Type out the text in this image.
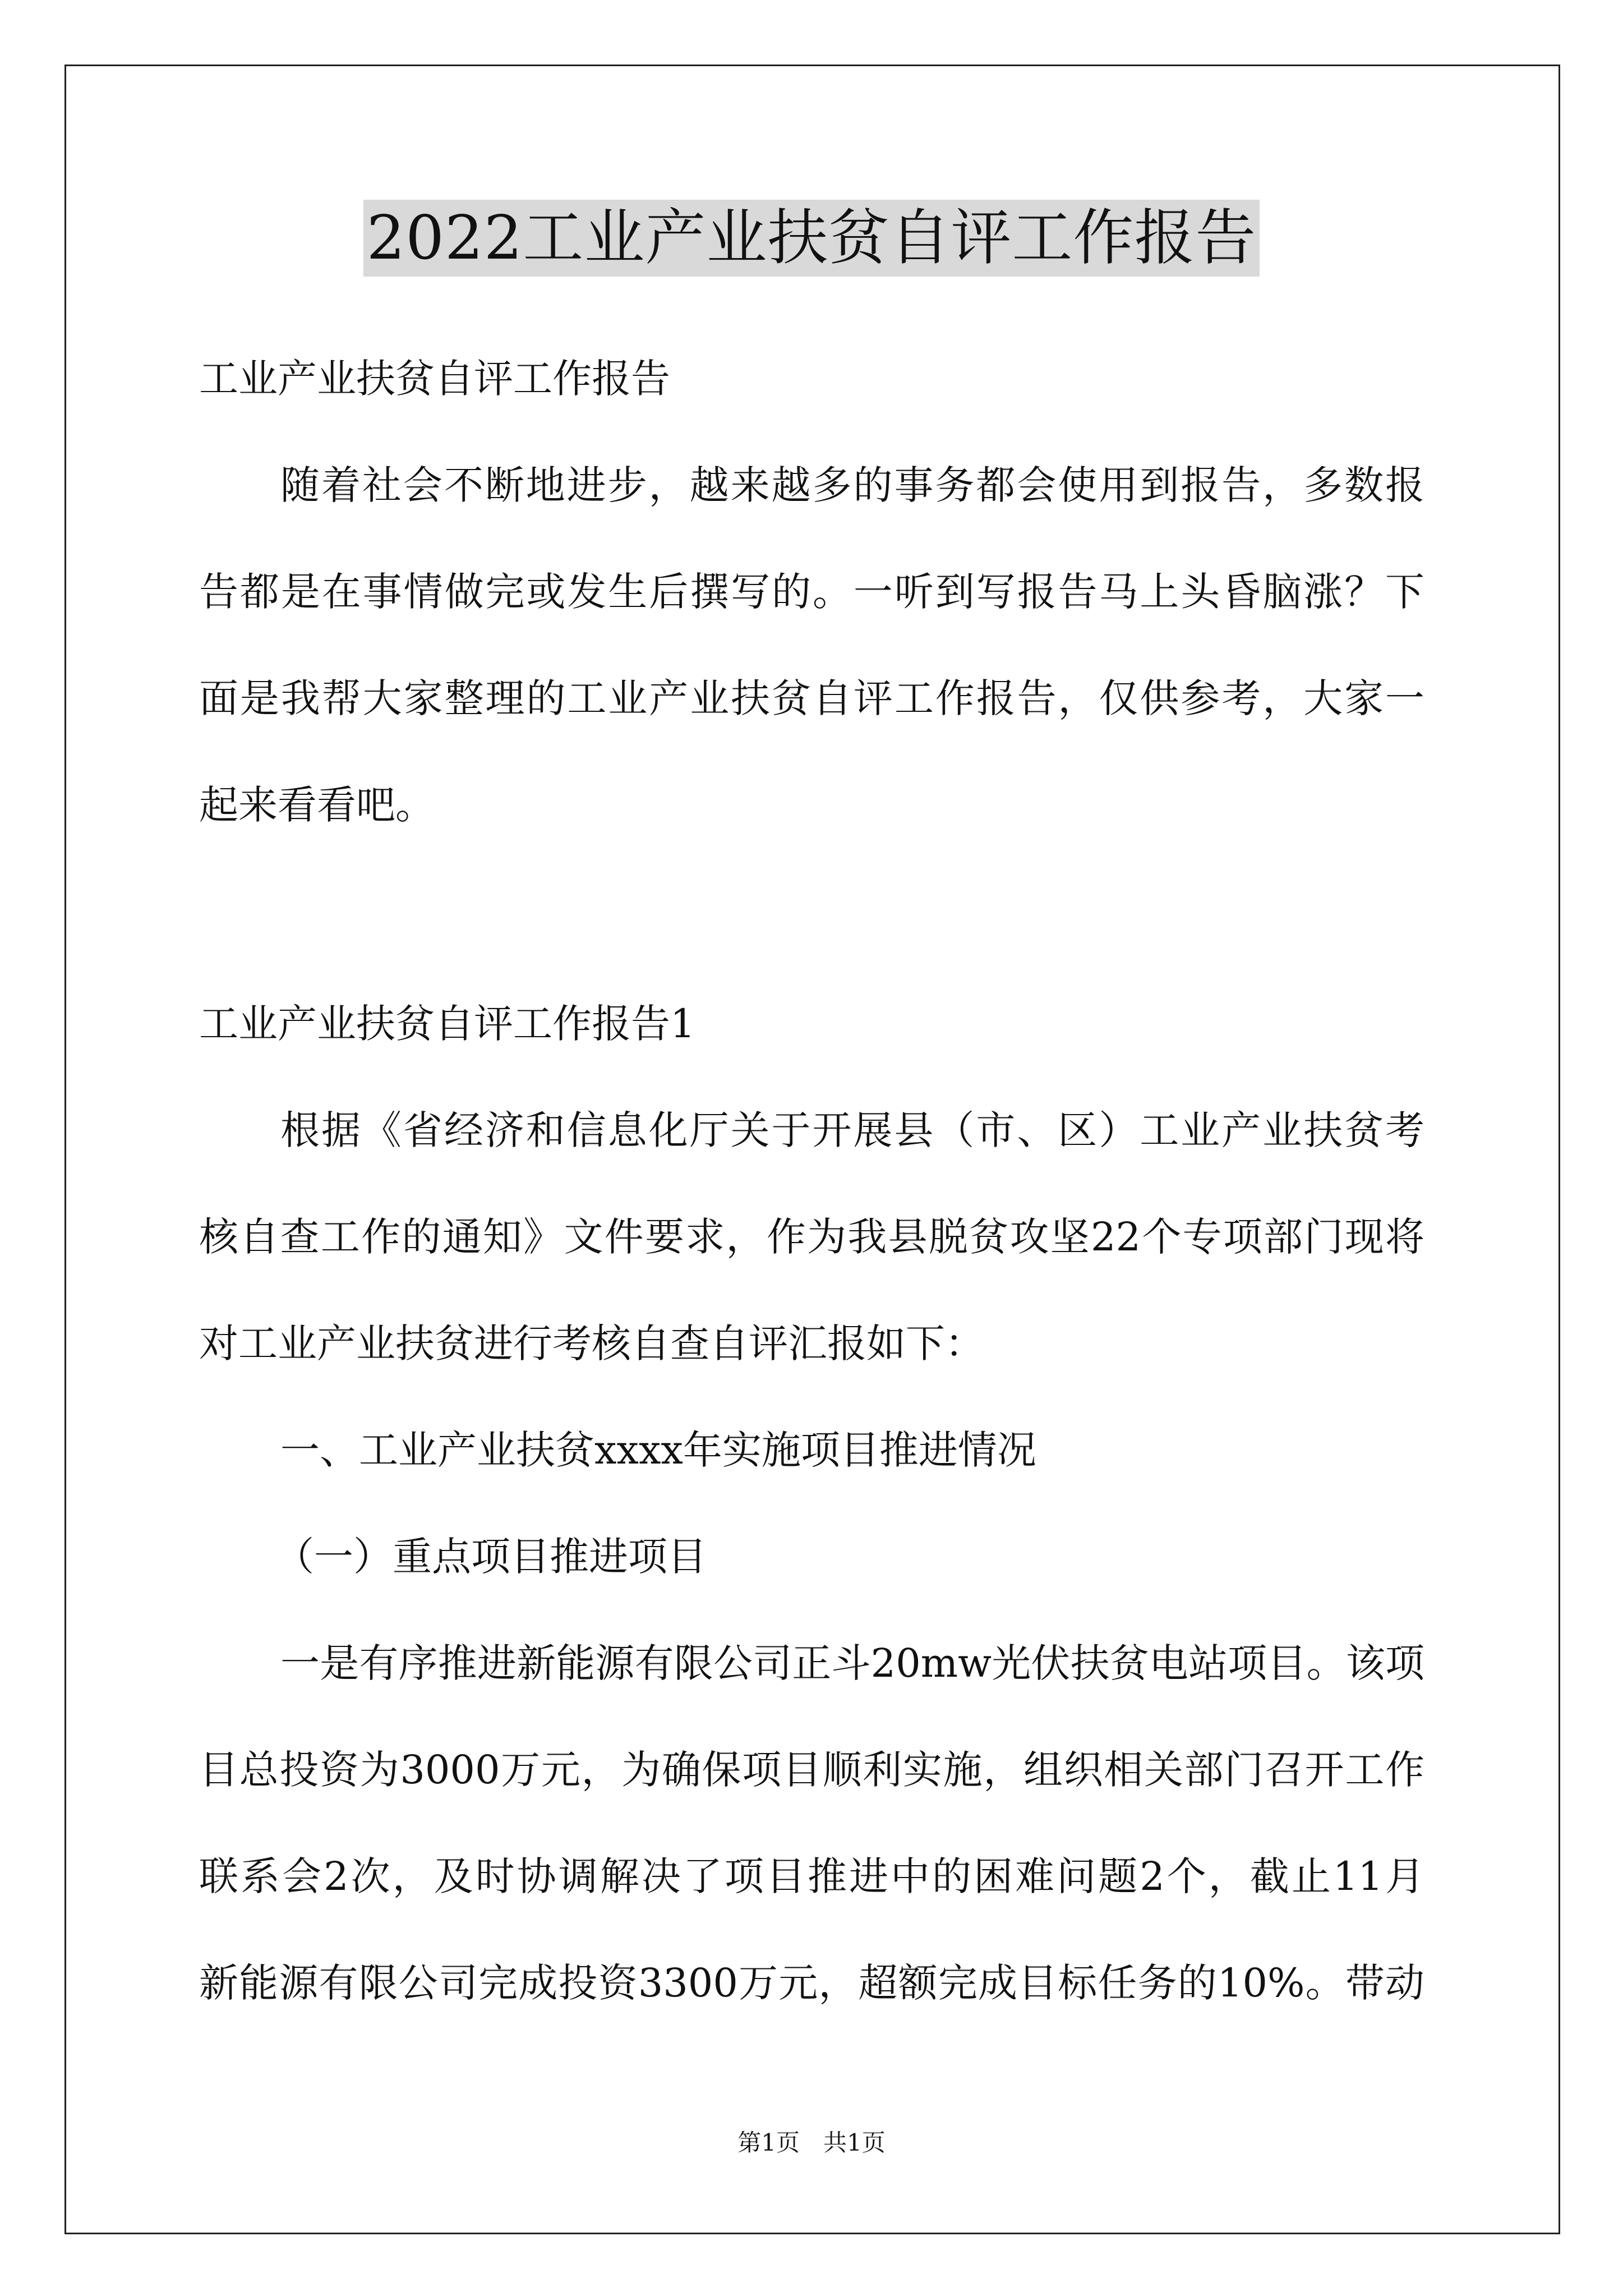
2022工业产业扶贫自评工作报告
工业产业扶贫自评工作报告
随着社会不断地进步，越来越多的事务都会使用到报告，多数报
告都是在事情做完或发生后撰写的。一听到写报告马上头昏脑涨？下
面是我帮大家整理的工业产业扶贫自评工作报告，仅供参考，大家一
起来看看吧。
工业产业扶贫自评工作报告1
根据《省经济和信息化厅关于开展县（市、区）工业产业扶贫考
核自查工作的通知》文件要求，作为我县脱贫攻坚22个专项部门现将
对工业产业扶贫进行考核自查自评汇报如下：
一、工业产业扶贫xxxx年实施项目推进情况
（一）重点项目推进项目
一是有序推进新能源有限公司正斗20mw光伏扶贫电站项目。该项
目总投资为3000万元，为确保项目顺利实施，组织相关部门召开工作
联系会2次，及时协调解决了项目推进中的困难问题2个，截止11月
新能源有限公司完成投资3300万元，超额完成目标任务的10%。带动
第1页　共1页
